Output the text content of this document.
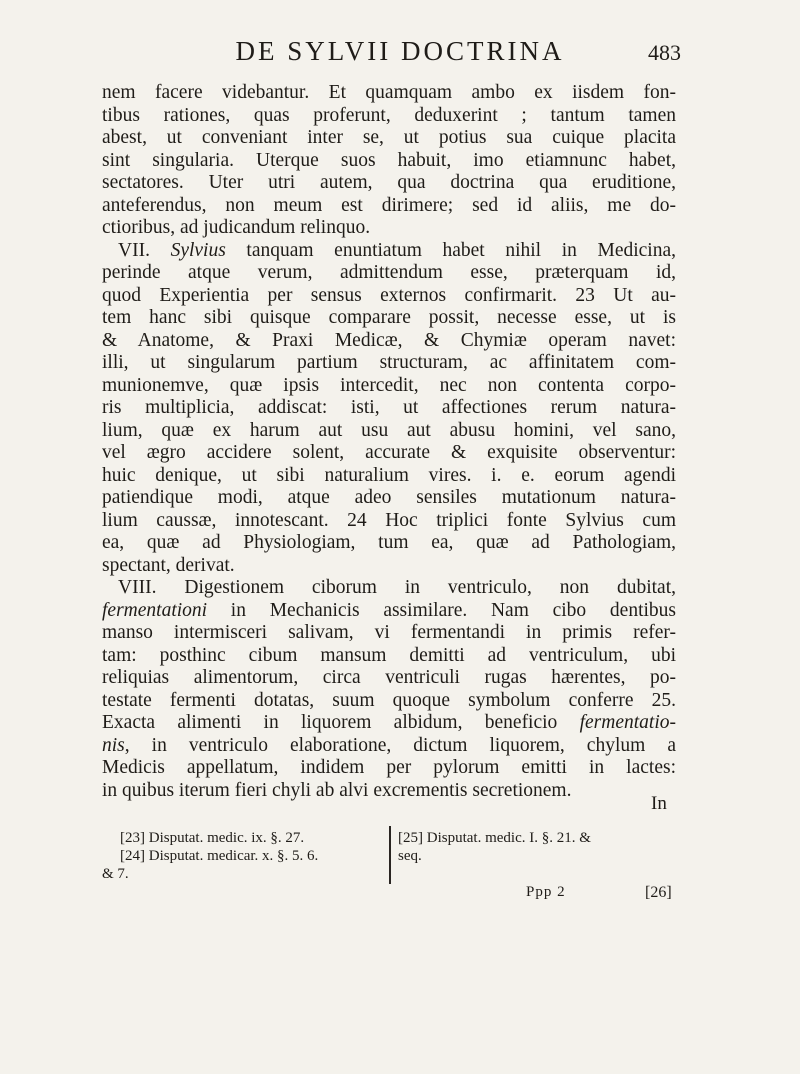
DE SYLVII DOCTRINA	483
nem facere videbantur. Et quamquam ambo ex iisdem fon-
tibus rationes, quas proferunt, deduxerint ; tantum tamen
abest, ut conveniant inter se, ut potius sua cuique placita
sint singularia. Uterque suos habuit, imo etiamnunc habet,
sectatores. Uter utri autem, qua doctrina qua eruditione,
anteferendus, non meum est dirimere; sed id aliis, me do-
ctioribus, ad judicandum relinquo.
VII. Sylvius tanquam enuntiatum habet nihil in Medicina,
perinde atque verum, admittendum esse, præterquam id,
quod Experientia per sensus externos confirmarit. 23 Ut au-
tem hanc sibi quisque comparare possit, necesse esse, ut is
& Anatome, & Praxi Medicæ, & Chymiæ operam navet:
illi, ut singularum partium structuram, ac affinitatem com-
munionemve, quæ ipsis intercedit, nec non contenta corpo-
ris multiplicia, addiscat: isti, ut affectiones rerum natura-
lium, quæ ex harum aut usu aut abusu homini, vel sano,
vel ægro accidere solent, accurate & exquisite observentur:
huic denique, ut sibi naturalium vires. i. e. eorum agendi
patiendique modi, atque adeo sensiles mutationum natura-
lium caussæ, innotescant. 24 Hoc triplici fonte Sylvius cum
ea, quæ ad Physiologiam, tum ea, quæ ad Pathologiam,
spectant, derivat.
VIII. Digestionem ciborum in ventriculo, non dubitat,
fermentationi in Mechanicis assimilare. Nam cibo dentibus
manso intermisceri salivam, vi fermentandi in primis refer-
tam: posthinc cibum mansum demitti ad ventriculum, ubi
reliquias alimentorum, circa ventriculi rugas hærentes, po-
testate fermenti dotatas, suum quoque symbolum conferre 25.
Exacta alimenti in liquorem albidum, beneficio fermentatio-
nis, in ventriculo elaboratione, dictum liquorem, chylum a
Medicis appellatum, indidem per pylorum emitti in lactes:
in quibus iterum fieri chyli ab alvi excrementis secretionem.
In
[23] Disputat. medic. ix. §. 27.
[24] Disputat. medicar. x. §. 5. 6.
& 7.
[25] Disputat. medic. I. §. 21. &
seq.
Ppp 2	[26]
